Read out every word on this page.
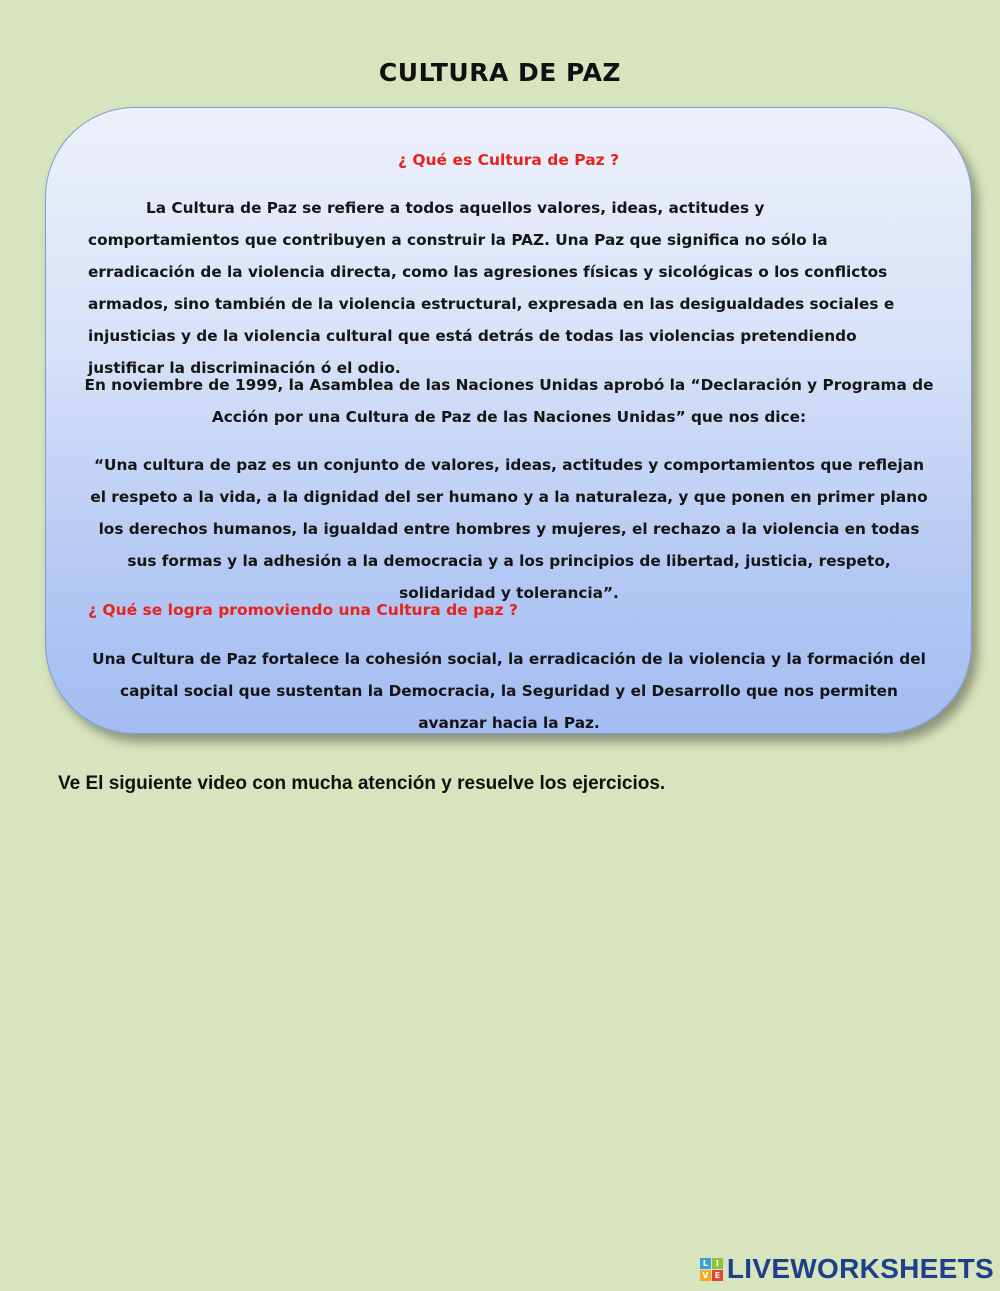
CULTURA DE PAZ

¿ Qué es Cultura de Paz ?

La Cultura de Paz se refiere a todos aquellos valores, ideas, actitudes y comportamientos que contribuyen a construir la PAZ. Una Paz que significa no sólo la erradicación de la violencia directa, como las agresiones físicas y sicológicas o los conflictos armados, sino también de la violencia estructural, expresada en las desigualdades sociales e injusticias y de la violencia cultural que está detrás de todas las violencias pretendiendo justificar la discriminación ó el odio.

En noviembre de 1999, la Asamblea de las Naciones Unidas aprobó la “Declaración y Programa de Acción por una Cultura de Paz de las Naciones Unidas” que nos dice:

“Una cultura de paz es un conjunto de valores, ideas, actitudes y comportamientos que reflejan el respeto a la vida, a la dignidad del ser humano y a la naturaleza, y que ponen en primer plano los derechos humanos, la igualdad entre hombres y mujeres, el rechazo a la violencia en todas sus formas y la adhesión a la democracia y a los principios de libertad, justicia, respeto, solidaridad y tolerancia”.

¿ Qué se logra promoviendo una Cultura de paz ?

Una Cultura de Paz fortalece la cohesión social, la erradicación de la violencia y la formación del capital social que sustentan la Democracia, la Seguridad y el Desarrollo que nos permiten avanzar hacia la Paz.

Ve El siguiente video con mucha atención y resuelve los ejercicios.
L I
V E LIVEWORKSHEETS
